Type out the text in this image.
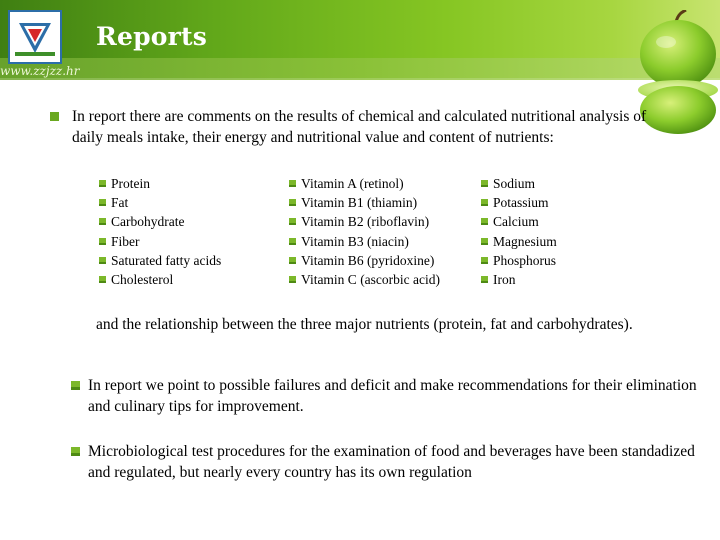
Reports
www.zzjzz.hr
In report there are comments on the results of chemical and calculated nutritional analysis of daily meals intake, their energy and nutritional value and content of nutrients:
Protein
Fat
Carbohydrate
Fiber
Saturated fatty acids
Cholesterol
Vitamin A (retinol)
Vitamin B1 (thiamin)
Vitamin B2 (riboflavin)
Vitamin B3 (niacin)
Vitamin B6 (pyridoxine)
Vitamin C (ascorbic acid)
Sodium
Potassium
Calcium
Magnesium
Phosphorus
Iron
and the relationship between the three major nutrients (protein, fat and carbohydrates).
In report we point to possible failures and deficit and make recommendations for their elimination and culinary tips for improvement.
Microbiological test procedures for the examination of food and beverages have been standadized and regulated, but nearly every country has its own regulation
